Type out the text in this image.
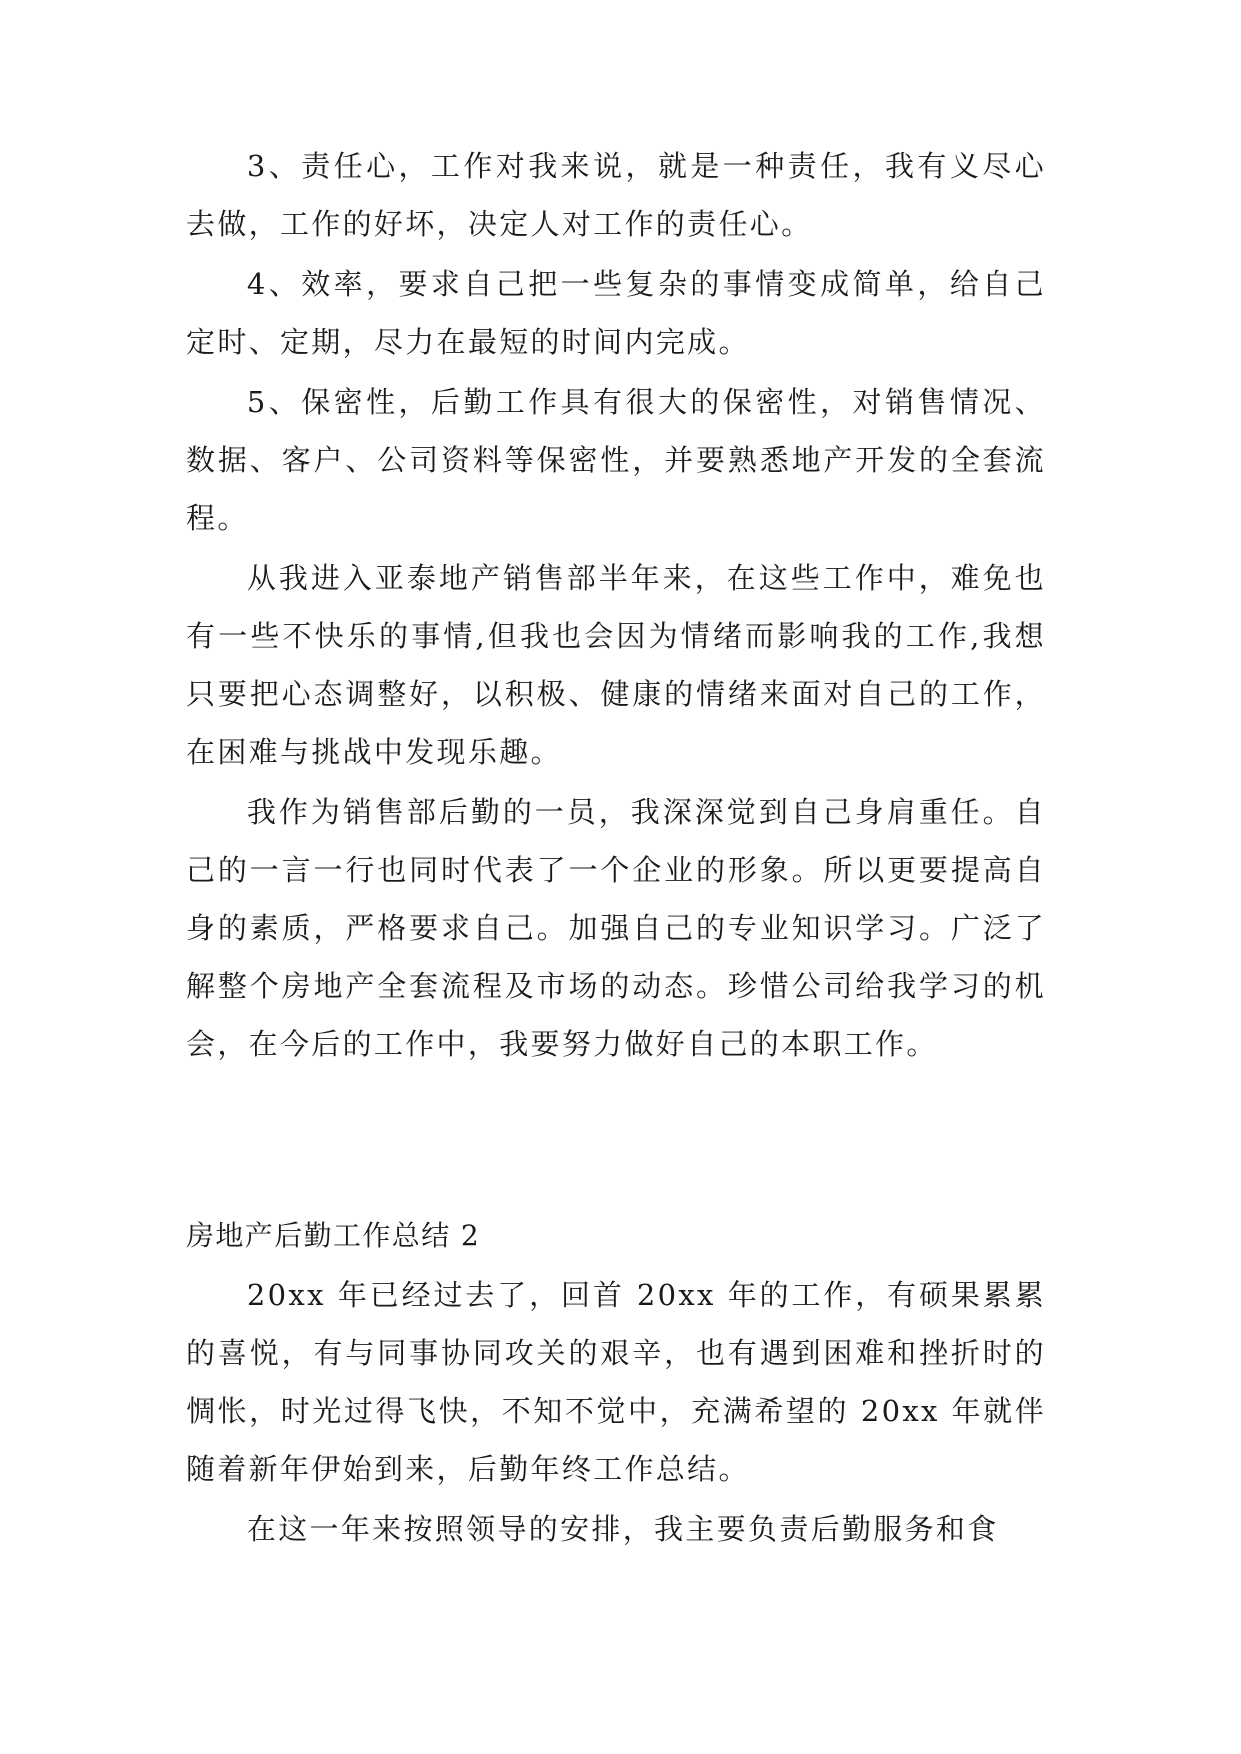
3、责任心，工作对我来说，就是一种责任，我有义尽心去做，工作的好坏，决定人对工作的责任心。

4、效率，要求自己把一些复杂的事情变成简单，给自己定时、定期，尽力在最短的时间内完成。

5、保密性，后勤工作具有很大的保密性，对销售情况、数据、客户、公司资料等保密性，并要熟悉地产开发的全套流程。

从我进入亚泰地产销售部半年来，在这些工作中，难免也有一些不快乐的事情,但我也会因为情绪而影响我的工作,我想只要把心态调整好，以积极、健康的情绪来面对自己的工作，在困难与挑战中发现乐趣。

我作为销售部后勤的一员，我深深觉到自己身肩重任。自己的一言一行也同时代表了一个企业的形象。所以更要提高自身的素质，严格要求自己。加强自己的专业知识学习。广泛了解整个房地产全套流程及市场的动态。珍惜公司给我学习的机会，在今后的工作中，我要努力做好自己的本职工作。

房地产后勤工作总结 2

20xx 年已经过去了，回首 20xx 年的工作，有硕果累累的喜悦，有与同事协同攻关的艰辛，也有遇到困难和挫折时的惆怅，时光过得飞快，不知不觉中，充满希望的 20xx 年就伴随着新年伊始到来，后勤年终工作总结。

在这一年来按照领导的安排，我主要负责后勤服务和食
